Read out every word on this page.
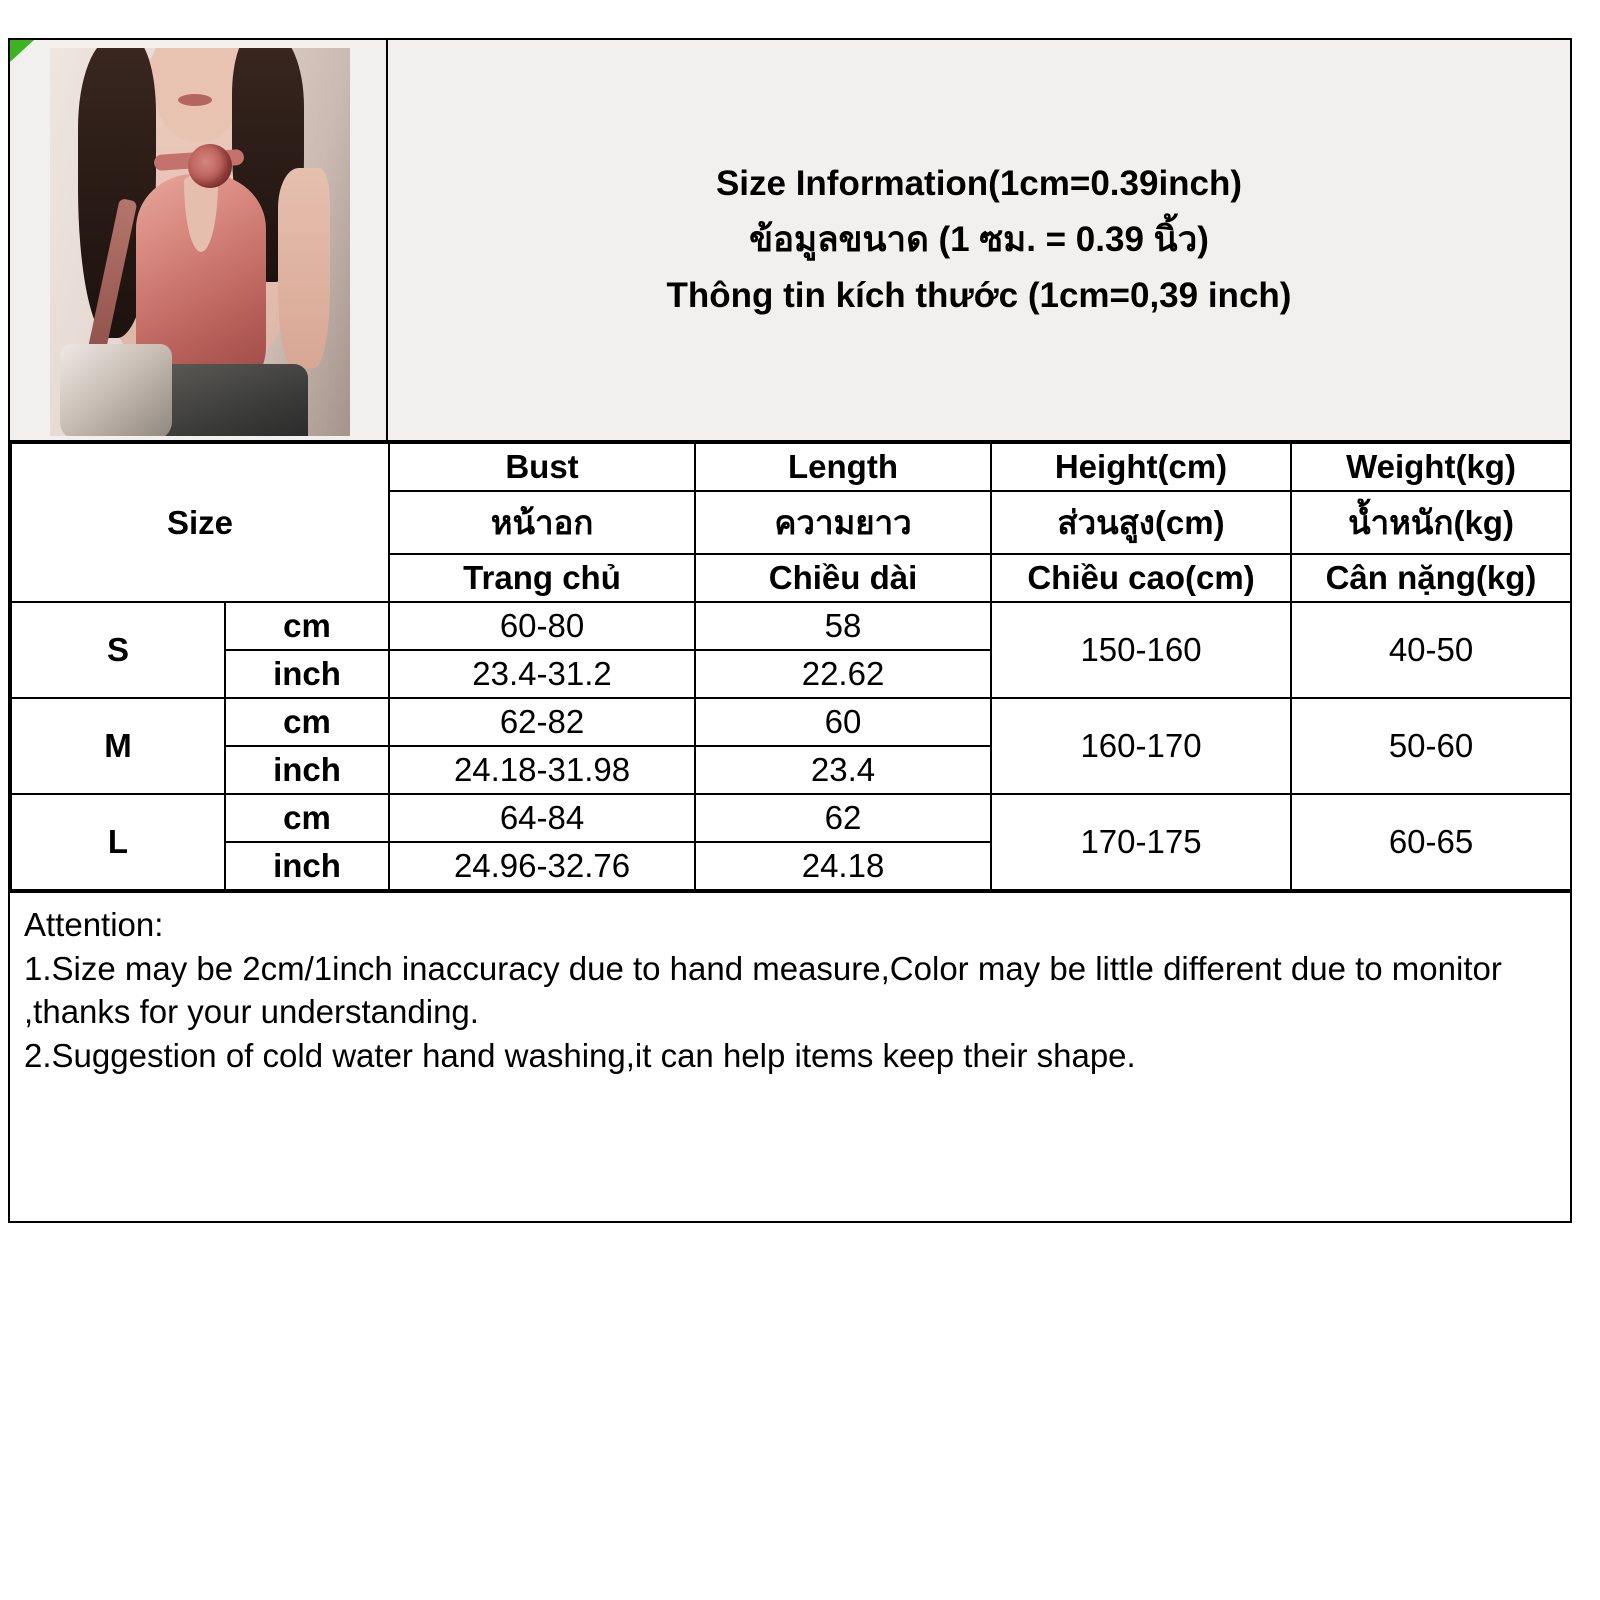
Size Information(1cm=0.39inch)
ข้อมูลขนาด (1 ซม. = 0.39 นิ้ว)
Thông tin kích thước (1cm=0,39 inch)
Size		Bust	Length	Height(cm)	Weight(kg)
		หน้าอก	ความยาว	ส่วนสูง(cm)	น้ำหนัก(kg)
		Trang chủ	Chiều dài	Chiều cao(cm)	Cân nặng(kg)
S	cm	60-80	58	150-160	40-50
	inch	23.4-31.2	22.62		
M	cm	62-82	60	160-170	50-60
	inch	24.18-31.98	23.4		
L	cm	64-84	62	170-175	60-65
	inch	24.96-32.76	24.18		
Attention:
1.Size may be 2cm/1inch inaccuracy due to hand measure,Color may be little different due to monitor ,thanks for your understanding.
2.Suggestion of cold water hand washing,it can help items keep their shape.
